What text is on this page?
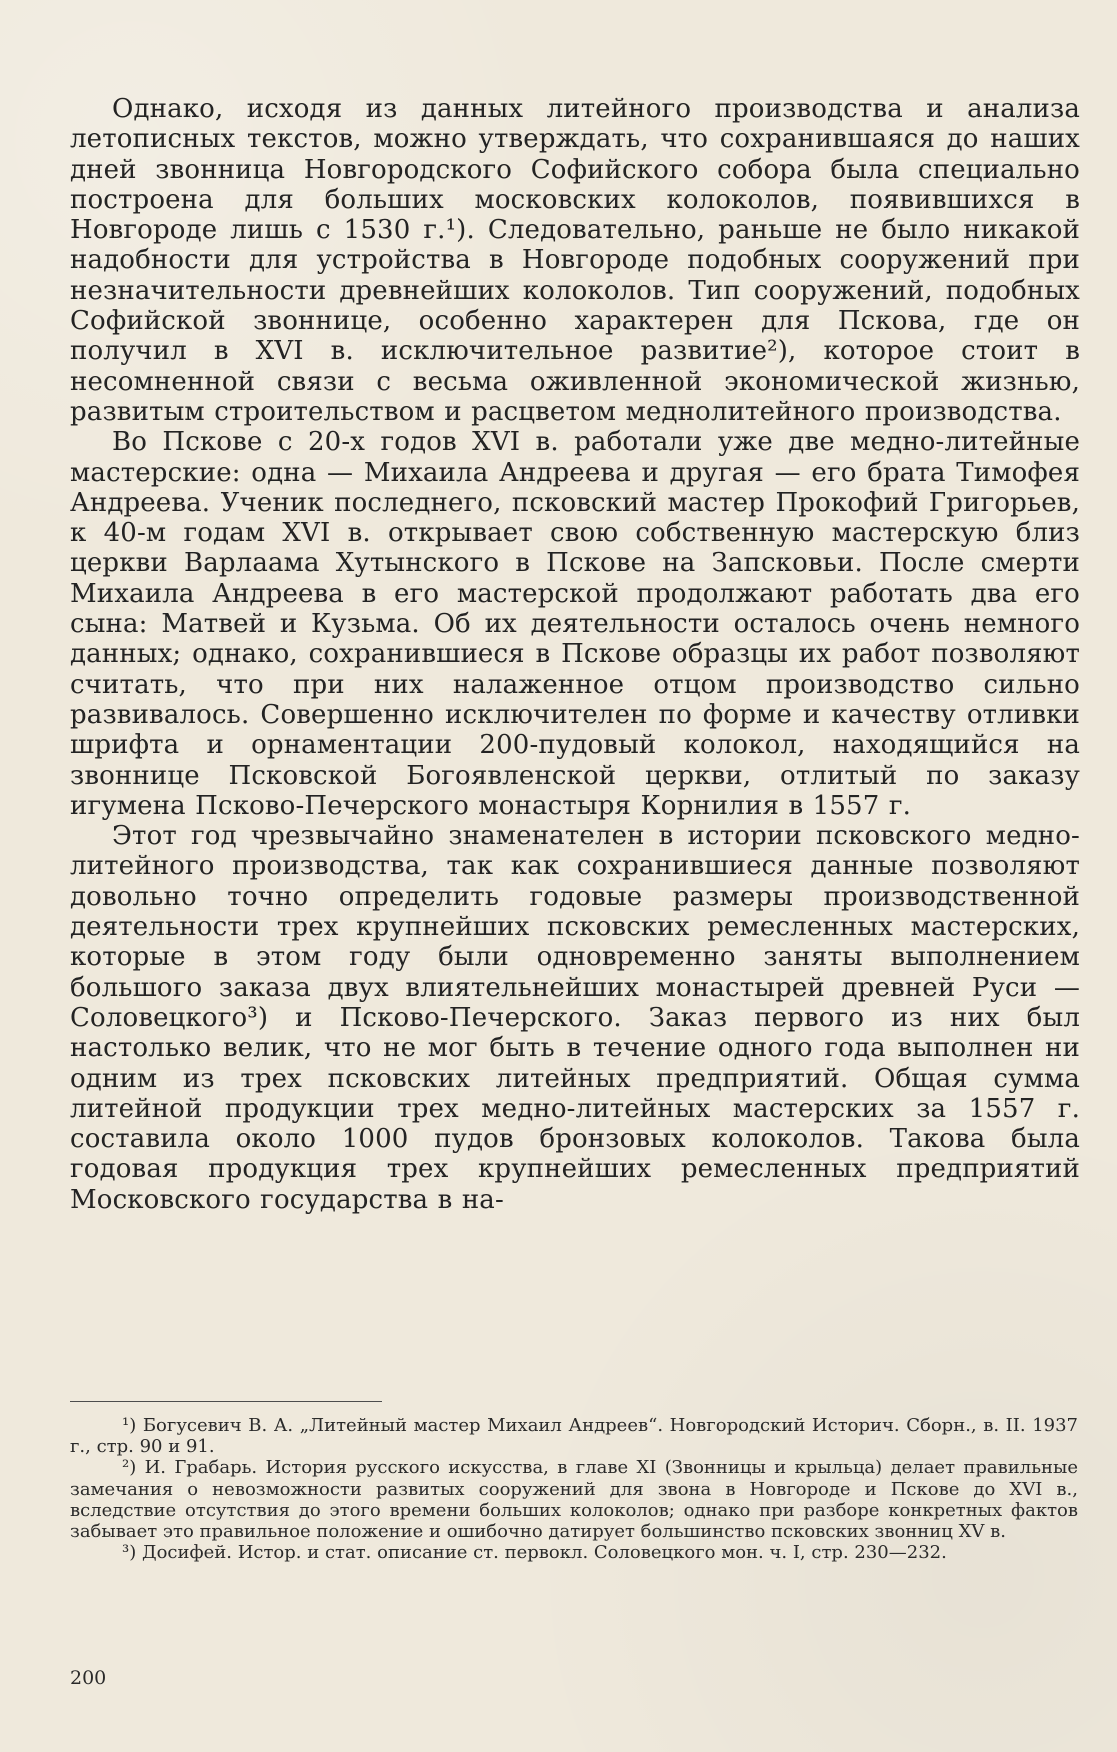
Однако, исходя из данных литейного производства и анализа летописных текстов, можно утверждать, что сохранившаяся до наших дней звонница Новгородского Софийского собора была специально построена для больших московских колоколов, появившихся в Новгороде лишь с 1530 г.¹). Следовательно, раньше не было никакой надобности для устройства в Новгороде подобных сооружений при незначительности древнейших колоколов. Тип сооружений, подобных Софийской звоннице, особенно характерен для Пскова, где он получил в XVI в. исключительное развитие²), которое стоит в несомненной связи с весьма оживленной экономической жизнью, развитым строительством и расцветом меднолитейного производства.

Во Пскове с 20-х годов XVI в. работали уже две медно-литейные мастерские: одна — Михаила Андреева и другая — его брата Тимофея Андреева. Ученик последнего, псковский мастер Прокофий Григорьев, к 40-м годам XVI в. открывает свою собственную мастерскую близ церкви Варлаама Хутынского в Пскове на Запсковьи. После смерти Михаила Андреева в его мастерской продолжают работать два его сына: Матвей и Кузьма. Об их деятельности осталось очень немного данных; однако, сохранившиеся в Пскове образцы их работ позволяют считать, что при них налаженное отцом производство сильно развивалось. Совершенно исключителен по форме и качеству отливки шрифта и орнаментации 200-пудовый колокол, находящийся на звоннице Псковской Богоявленской церкви, отлитый по заказу игумена Псково-Печерского монастыря Корнилия в 1557 г.

Этот год чрезвычайно знаменателен в истории псковского медно-литейного производства, так как сохранившиеся данные позволяют довольно точно определить годовые размеры производственной деятельности трех крупнейших псковских ремесленных мастерских, которые в этом году были одновременно заняты выполнением большого заказа двух влиятельнейших монастырей древней Руси — Соловецкого³) и Псково-Печерского. Заказ первого из них был настолько велик, что не мог быть в течение одного года выполнен ни одним из трех псковских литейных предприятий. Общая сумма литейной продукции трех медно-литейных мастерских за 1557 г. составила около 1000 пудов бронзовых колоколов. Такова была годовая продукция трех крупнейших ремесленных предприятий Московского государства в на-

¹) Богусевич В. А. „Литейный мастер Михаил Андреев“. Новгородский Историч. Сборн., в. II. 1937 г., стр. 90 и 91.

²) И. Грабарь. История русского искусства, в главе XI (Звонницы и крыльца) делает правильные замечания о невозможности развитых сооружений для звона в Новгороде и Пскове до XVI в., вследствие отсутствия до этого времени больших колоколов; однако при разборе конкретных фактов забывает это правильное положение и ошибочно датирует большинство псковских звонниц XV в.

³) Досифей. Истор. и стат. описание ст. первокл. Соловецкого мон. ч. I, стр. 230—232.

200
